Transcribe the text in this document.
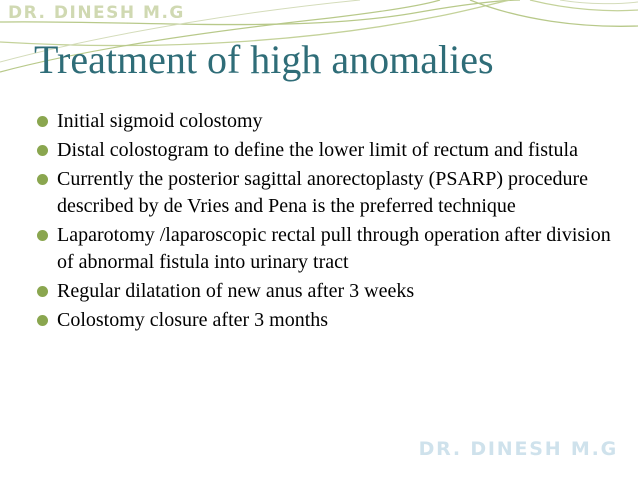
DR. DINESH M.G
Treatment of high anomalies
Initial sigmoid colostomy
Distal colostogram to define the lower limit of rectum and fistula
Currently the posterior sagittal anorectoplasty (PSARP) procedure described by de Vries and Pena is the preferred technique
Laparotomy /laparoscopic rectal pull through operation after division of abnormal fistula into urinary tract
Regular dilatation of new anus after 3 weeks
Colostomy closure after 3 months
DR. DINESH M.G
